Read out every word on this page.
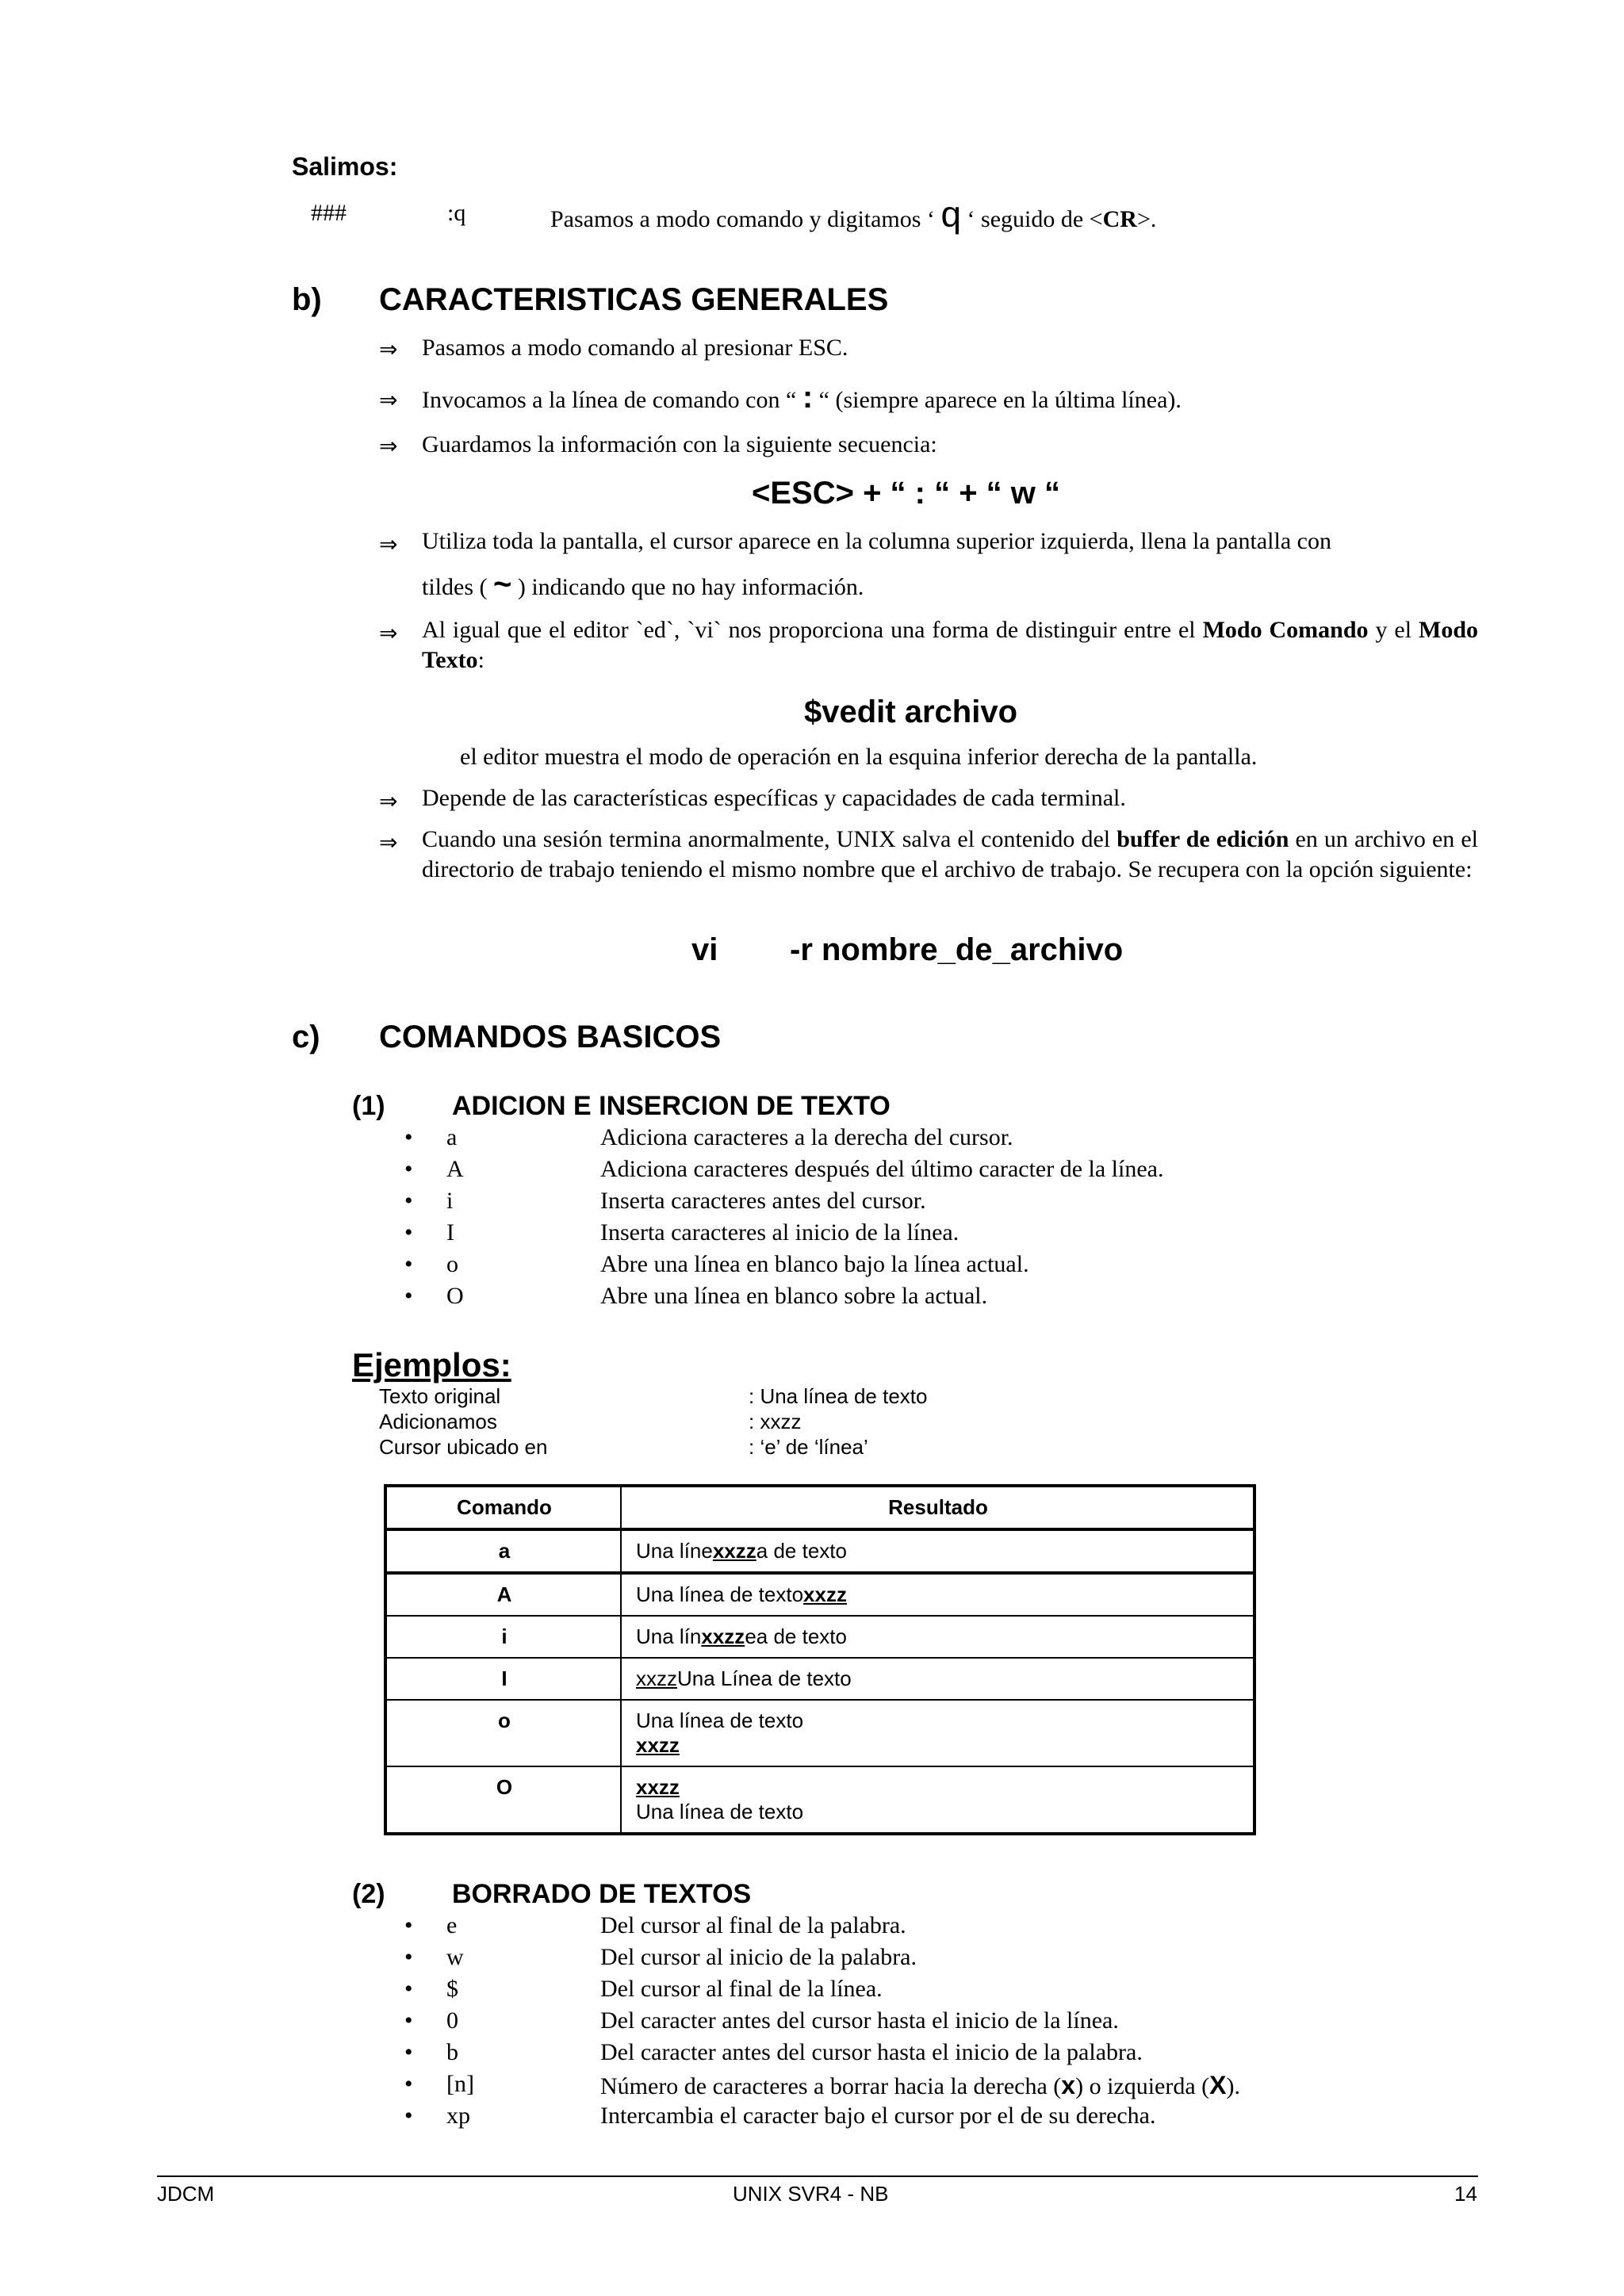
Salimos:
###	:q	Pasamos a modo comando y digitamos ‘ q ‘ seguido de <CR>.
b) CARACTERISTICAS GENERALES
⇒ Pasamos a modo comando al presionar ESC.
⇒ Invocamos a la línea de comando con “ : “ (siempre aparece en la última línea).
⇒ Guardamos la información con la siguiente secuencia:
<ESC> + “ : “ + “ w “
⇒ Utiliza toda la pantalla, el cursor aparece en la columna superior izquierda, llena la pantalla con
tildes ( ~ ) indicando que no hay información.
⇒ Al igual que el editor `ed`, `vi` nos proporciona una forma de distinguir entre el Modo Comando y el Modo Texto:
$vedit archivo
el editor muestra el modo de operación en la esquina inferior derecha de la pantalla.
⇒ Depende de las características específicas y capacidades de cada terminal.
⇒ Cuando una sesión termina anormalmente, UNIX salva el contenido del buffer de edición en un archivo en el directorio de trabajo teniendo el mismo nombre que el archivo de trabajo. Se recupera con la opción siguiente:
vi -r nombre_de_archivo
c) COMANDOS BASICOS
(1) ADICION E INSERCION DE TEXTO
• a	Adiciona caracteres a la derecha del cursor.
• A	Adiciona caracteres después del último caracter de la línea.
• i	Inserta caracteres antes del cursor.
• I	Inserta caracteres al inicio de la línea.
• o	Abre una línea en blanco bajo la línea actual.
• O	Abre una línea en blanco sobre la actual.
Ejemplos:
Texto original	: Una línea de texto
Adicionamos	: xxzz
Cursor ubicado en	: ‘e’ de ‘línea’
Comando	Resultado
a	Una línexxzza de texto
A	Una línea de textoxxzz
i	Una línxxzzea de texto
I	xxzzUna Línea de texto
o	Una línea de texto
xxzz
O	xxzz
Una línea de texto
(2) BORRADO DE TEXTOS
• e	Del cursor al final de la palabra.
• w	Del cursor al inicio de la palabra.
• $	Del cursor al final de la línea.
• 0	Del caracter antes del cursor hasta el inicio de la línea.
• b	Del caracter antes del cursor hasta el inicio de la palabra.
• [n]	Número de caracteres a borrar hacia la derecha (x) o izquierda (X).
• xp	Intercambia el caracter bajo el cursor por el de su derecha.
JDCM	UNIX SVR4 - NB	14
